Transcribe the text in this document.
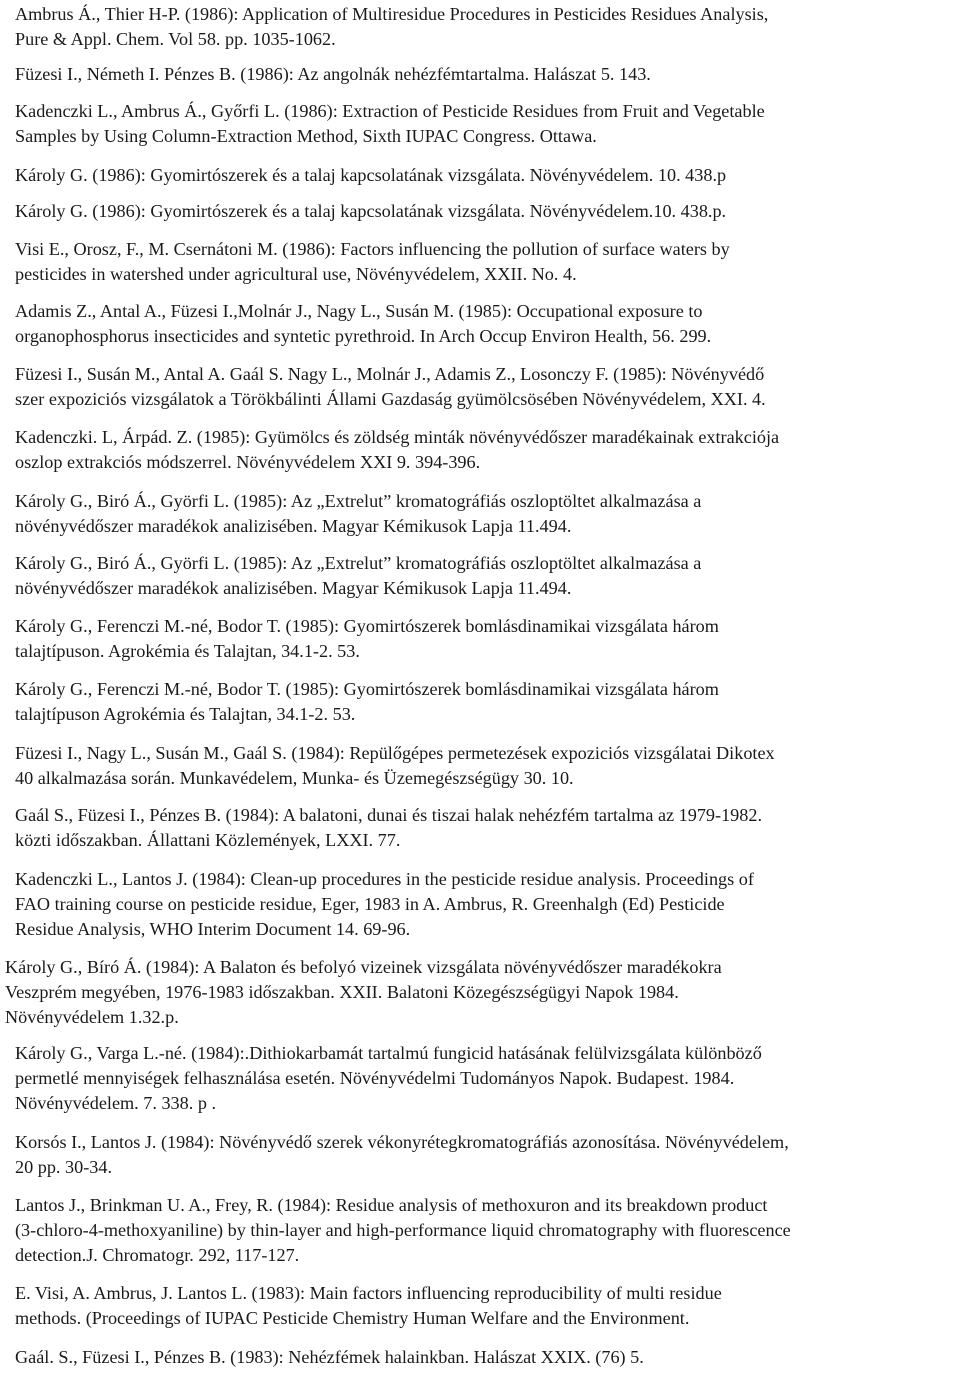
Ambrus Á., Thier H-P. (1986): Application of Multiresidue Procedures in Pesticides Residues Analysis,
Pure & Appl. Chem. Vol 58. pp. 1035-1062.

Füzesi I., Németh I. Pénzes B. (1986): Az angolnák nehézfémtartalma. Halászat 5. 143.

Kadenczki L., Ambrus Á., Győrfi L. (1986): Extraction of Pesticide Residues from Fruit and Vegetable
Samples by Using Column-Extraction Method, Sixth IUPAC Congress. Ottawa.

Károly G. (1986): Gyomirtószerek és a talaj kapcsolatának vizsgálata. Növényvédelem. 10. 438.p

Károly G. (1986): Gyomirtószerek és a talaj kapcsolatának vizsgálata. Növényvédelem.10. 438.p.

Visi E., Orosz, F., M. Csernátoni M. (1986): Factors influencing the pollution of surface waters by
pesticides in watershed under agricultural use, Növényvédelem, XXII. No. 4.

Adamis Z., Antal A., Füzesi I.,Molnár J., Nagy L., Susán M. (1985): Occupational exposure to
organophosphorus insecticides and syntetic pyrethroid. In Arch Occup Environ Health, 56. 299.

Füzesi I., Susán M., Antal A. Gaál S. Nagy L., Molnár J., Adamis Z., Losonczy F. (1985): Növényvédő
szer expoziciós vizsgálatok a Törökbálinti Állami Gazdaság gyümölcsösében Növényvédelem, XXI. 4.

Kadenczki. L, Árpád. Z. (1985): Gyümölcs és zöldség minták növényvédőszer maradékainak extrakciója
oszlop extrakciós módszerrel. Növényvédelem XXI 9. 394-396.

Károly G., Biró Á., Györfi L. (1985): Az „Extrelut” kromatográfiás oszloptöltet alkalmazása a
növényvédőszer maradékok analizisében. Magyar Kémikusok Lapja 11.494.

Károly G., Biró Á., Györfi L. (1985): Az „Extrelut” kromatográfiás oszloptöltet alkalmazása a
növényvédőszer maradékok analizisében. Magyar Kémikusok Lapja 11.494.

Károly G., Ferenczi M.-né, Bodor T. (1985): Gyomirtószerek bomlásdinamikai vizsgálata három
talajtípuson. Agrokémia és Talajtan, 34.1-2. 53.

Károly G., Ferenczi M.-né, Bodor T. (1985): Gyomirtószerek bomlásdinamikai vizsgálata három
talajtípuson Agrokémia és Talajtan, 34.1-2. 53.

Füzesi I., Nagy L., Susán M., Gaál S. (1984): Repülőgépes permetezések expoziciós vizsgálatai Dikotex
40 alkalmazása során. Munkavédelem, Munka- és Üzemegészségügy 30. 10.

Gaál S., Füzesi I., Pénzes B. (1984): A balatoni, dunai és tiszai halak nehézfém tartalma az 1979-1982.
közti időszakban. Állattani Közlemények, LXXI. 77.

Kadenczki L., Lantos J. (1984): Clean-up procedures in the pesticide residue analysis. Proceedings of
FAO training course on pesticide residue, Eger, 1983 in A. Ambrus, R. Greenhalgh (Ed) Pesticide
Residue Analysis, WHO Interim Document 14. 69-96.

Károly G., Bíró Á. (1984): A Balaton és befolyó vizeinek vizsgálata növényvédőszer maradékokra
Veszprém megyében, 1976-1983 időszakban. XXII. Balatoni Közegészségügyi Napok 1984.
Növényvédelem 1.32.p.

Károly G., Varga L.-né. (1984):.Dithiokarbamát tartalmú fungicid hatásának felülvizsgálata különböző
permetlé mennyiségek felhasználása esetén. Növényvédelmi Tudományos Napok. Budapest. 1984.
Növényvédelem. 7. 338. p .

Korsós I., Lantos J. (1984): Növényvédő szerek vékonyrétegkromatográfiás azonosítása. Növényvédelem,
20 pp. 30-34.

Lantos J., Brinkman U. A., Frey, R. (1984): Residue analysis of methoxuron and its breakdown product
(3-chloro-4-methoxyaniline) by thin-layer and high-performance liquid chromatography with fluorescence
detection.J. Chromatogr. 292, 117-127.

E. Visi, A. Ambrus, J. Lantos L. (1983): Main factors influencing reproducibility of multi residue
methods. (Proceedings of IUPAC Pesticide Chemistry Human Welfare and the Environment.

Gaál. S., Füzesi I., Pénzes B. (1983): Nehézfémek halainkban. Halászat XXIX. (76) 5.
